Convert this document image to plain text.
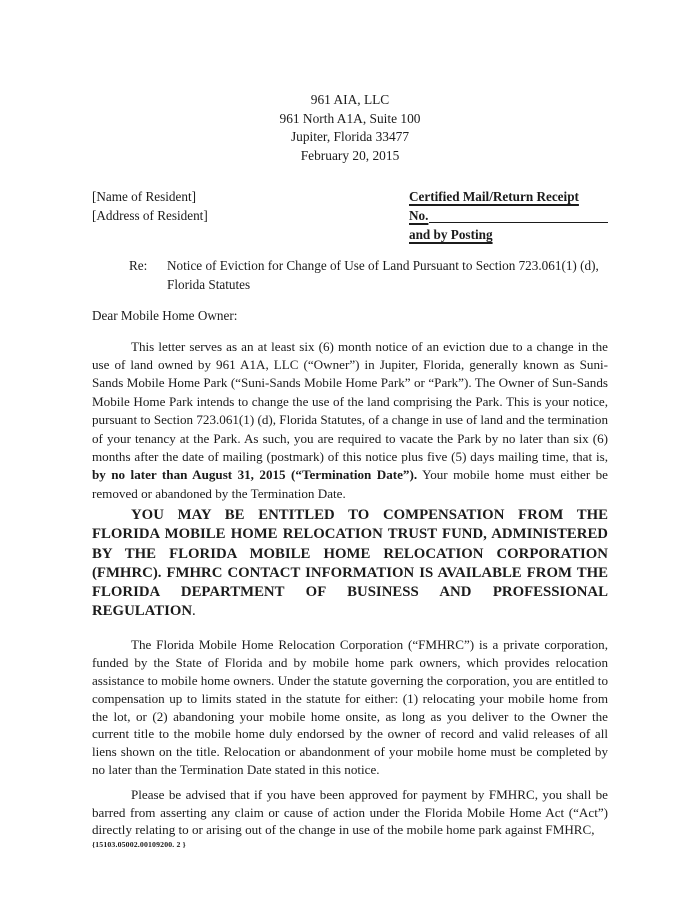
961 AIA, LLC
961 North A1A, Suite 100
Jupiter, Florida 33477
February 20, 2015
[Name of Resident]
[Address of Resident]
Certified Mail/Return Receipt
No.
and by Posting
Re: Notice of Eviction for Change of Use of Land Pursuant to Section 723.061(1) (d), Florida Statutes
Dear Mobile Home Owner:

This letter serves as an at least six (6) month notice of an eviction due to a change in the use of land owned by 961 A1A, LLC (“Owner”) in Jupiter, Florida, generally known as Suni-Sands Mobile Home Park (“Suni-Sands Mobile Home Park” or “Park”). The Owner of Sun-Sands Mobile Home Park intends to change the use of the land comprising the Park. This is your notice, pursuant to Section 723.061(1) (d), Florida Statutes, of a change in use of land and the termination of your tenancy at the Park. As such, you are required to vacate the Park by no later than six (6) months after the date of mailing (postmark) of this notice plus five (5) days mailing time, that is, by no later than August 31, 2015 (“Termination Date”). Your mobile home must either be removed or abandoned by the Termination Date.

YOU MAY BE ENTITLED TO COMPENSATION FROM THE FLORIDA MOBILE HOME RELOCATION TRUST FUND, ADMINISTERED BY THE FLORIDA MOBILE HOME RELOCATION CORPORATION (FMHRC). FMHRC CONTACT INFORMATION IS AVAILABLE FROM THE FLORIDA DEPARTMENT OF BUSINESS AND PROFESSIONAL REGULATION.

The Florida Mobile Home Relocation Corporation (“FMHRC”) is a private corporation, funded by the State of Florida and by mobile home park owners, which provides relocation assistance to mobile home owners. Under the statute governing the corporation, you are entitled to compensation up to limits stated in the statute for either: (1) relocating your mobile home from the lot, or (2) abandoning your mobile home onsite, as long as you deliver to the Owner the current title to the mobile home duly endorsed by the owner of record and valid releases of all liens shown on the title. Relocation or abandonment of your mobile home must be completed by no later than the Termination Date stated in this notice.

Please be advised that if you have been approved for payment by FMHRC, you shall be barred from asserting any claim or cause of action under the Florida Mobile Home Act (“Act”) directly relating to or arising out of the change in use of the mobile home park against FMHRC,

{15103.05002.00109200. 2 }
